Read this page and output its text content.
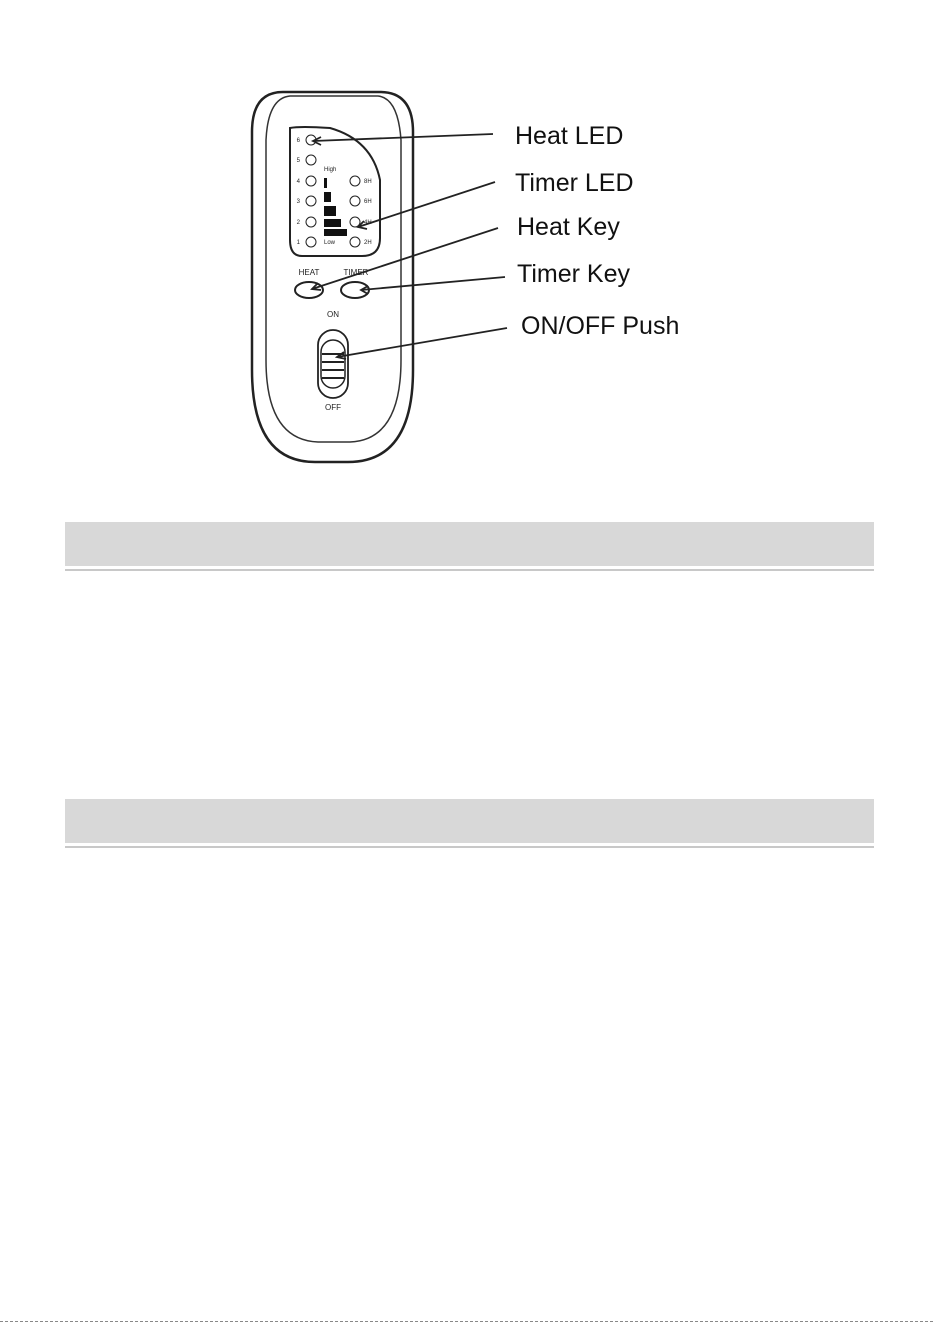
6
5
4
3
2
1
High
Low
8H
6H
4H
2H
HEAT	TIMER
ON
OFF
Heat LED
Timer LED
Heat Key
Timer Key
ON/OFF Push
